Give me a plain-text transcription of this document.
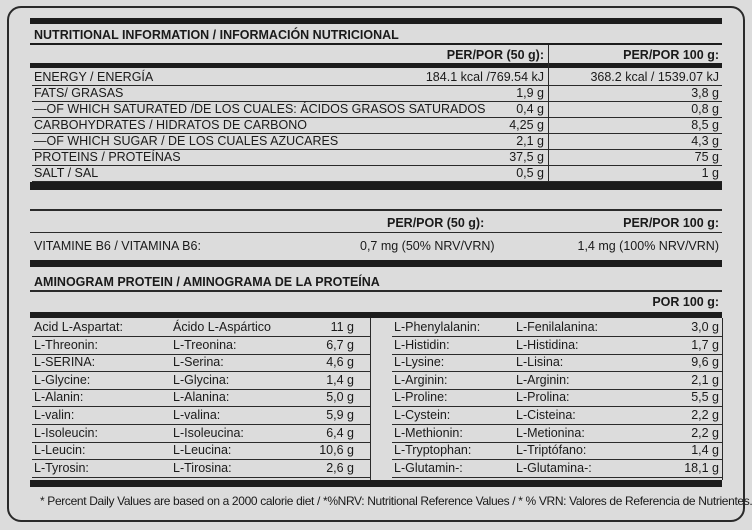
NUTRITIONAL INFORMATION / INFORMACIÓN NUTRICIONAL
PER/POR (50 g):	PER/POR 100 g:
ENERGY / ENERGÍA	184.1 kcal /769.54 kJ	368.2 kcal / 1539.07 kJ
FATS/ GRASAS	1,9 g	3,8 g
—OF WHICH SATURATED /DE LOS CUALES: ÁCIDOS GRASOS SATURADOS 0,4 g	0,8 g
CARBOHYDRATES / HIDRATOS DE CARBONO	4,25 g	8,5 g
—OF WHICH SUGAR / DE LOS CUALES AZUCARES	2,1 g	4,3 g
PROTEINS / PROTEÍNAS	37,5 g	75 g
SALT / SAL	0,5 g	1 g
PER/POR (50 g):	PER/POR 100 g:
VITAMINE B6 / VITAMINA B6:	0,7 mg (50% NRV/VRN)	1,4 mg (100% NRV/VRN)
AMINOGRAM PROTEIN / AMINOGRAMA DE LA PROTEÍNA
POR 100 g:
Acid L-Aspartat:	Ácido L-Aspártico	11 g
L-Threonin:	L-Treonina:	6,7 g
L-SERINA:	L-Serina:	4,6 g
L-Glycine:	L-Glycina:	1,4 g
L-Alanin:	L-Alanina:	5,0 g
L-valin:	L-valina:	5,9 g
L-Isoleucin:	L-Isoleucina:	6,4 g
L-Leucin:	L-Leucina:	10,6 g
L-Tyrosin:	L-Tirosina:	2,6 g
L-Phenylalanin:	L-Fenilalanina:	3,0 g
L-Histidin:	L-Histidina:	1,7 g
L-Lysine:	L-Lisina:	9,6 g
L-Arginin:	L-Arginin:	2,1 g
L-Proline:	L-Prolina:	5,5 g
L-Cystein:	L-Cisteina:	2,2 g
L-Methionin:	L-Metionina:	2,2 g
L-Tryptophan:	L-Triptófano:	1,4 g
L-Glutamin-:	L-Glutamina-:	18,1 g
* Percent Daily Values are based on a 2000 calorie diet / *%NRV: Nutritional Reference Values / * % VRN: Valores de Referencia de Nutrientes.
